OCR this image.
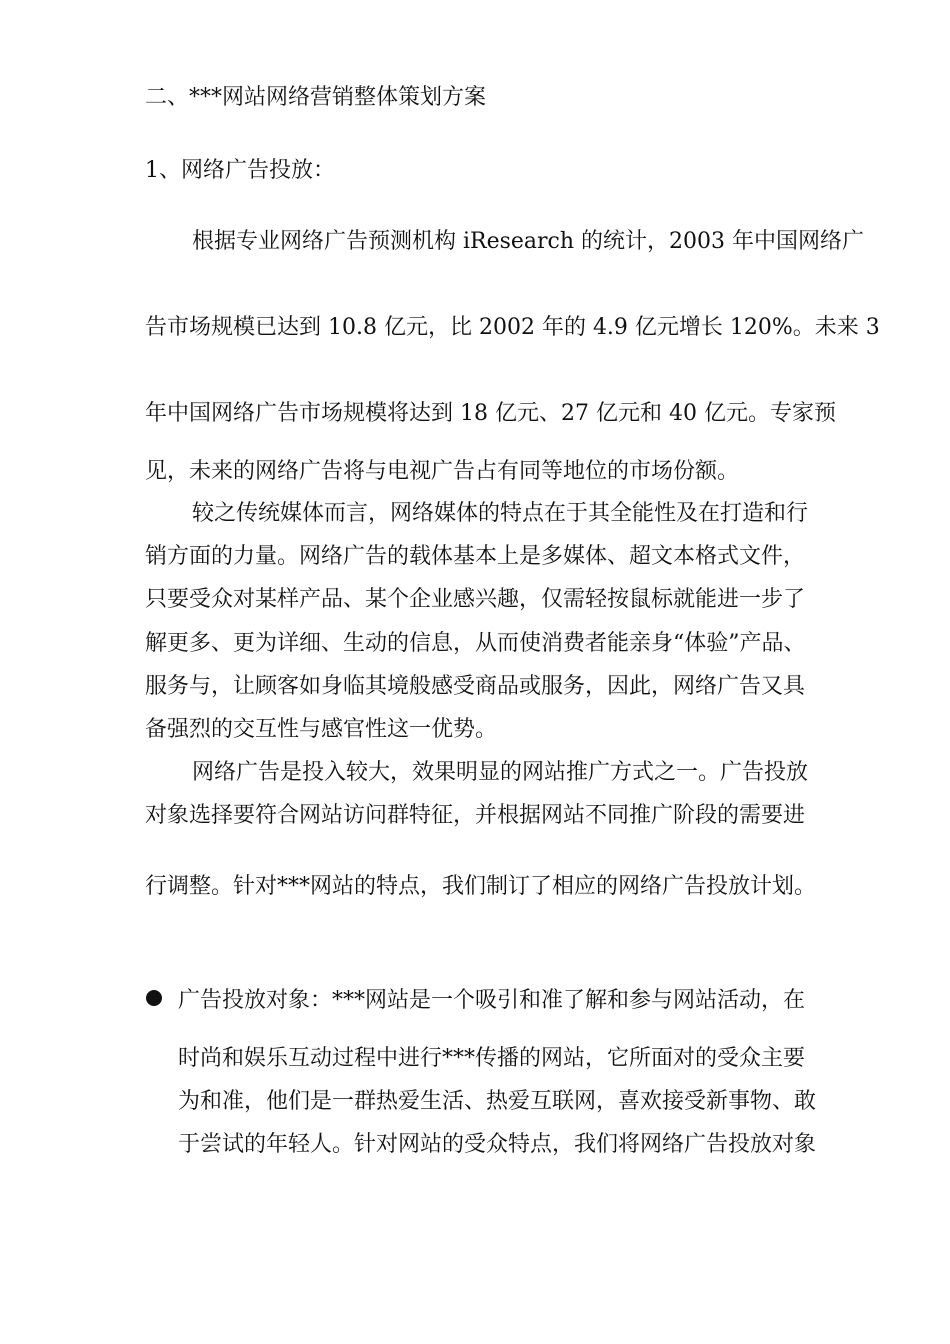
二、***网站网络营销整体策划方案

1、网络广告投放：

根据专业网络广告预测机构 iResearch 的统计，2003 年中国网络广

告市场规模已达到 10.8 亿元，比 2002 年的 4.9 亿元增长 120%。未来 3

年中国网络广告市场规模将达到 18 亿元、27 亿元和 40 亿元。专家预

见，未来的网络广告将与电视广告占有同等地位的市场份额。

较之传统媒体而言，网络媒体的特点在于其全能性及在打造和行

销方面的力量。网络广告的载体基本上是多媒体、超文本格式文件，

只要受众对某样产品、某个企业感兴趣，仅需轻按鼠标就能进一步了

解更多、更为详细、生动的信息，从而使消费者能亲身“体验”产品、

服务与，让顾客如身临其境般感受商品或服务，因此，网络广告又具

备强烈的交互性与感官性这一优势。

网络广告是投入较大，效果明显的网站推广方式之一。广告投放

对象选择要符合网站访问群特征，并根据网站不同推广阶段的需要进

行调整。针对***网站的特点，我们制订了相应的网络广告投放计划。

广告投放对象：***网站是一个吸引和准了解和参与网站活动，在

时尚和娱乐互动过程中进行***传播的网站，它所面对的受众主要

为和准，他们是一群热爱生活、热爱互联网，喜欢接受新事物、敢

于尝试的年轻人。针对网站的受众特点，我们将网络广告投放对象
